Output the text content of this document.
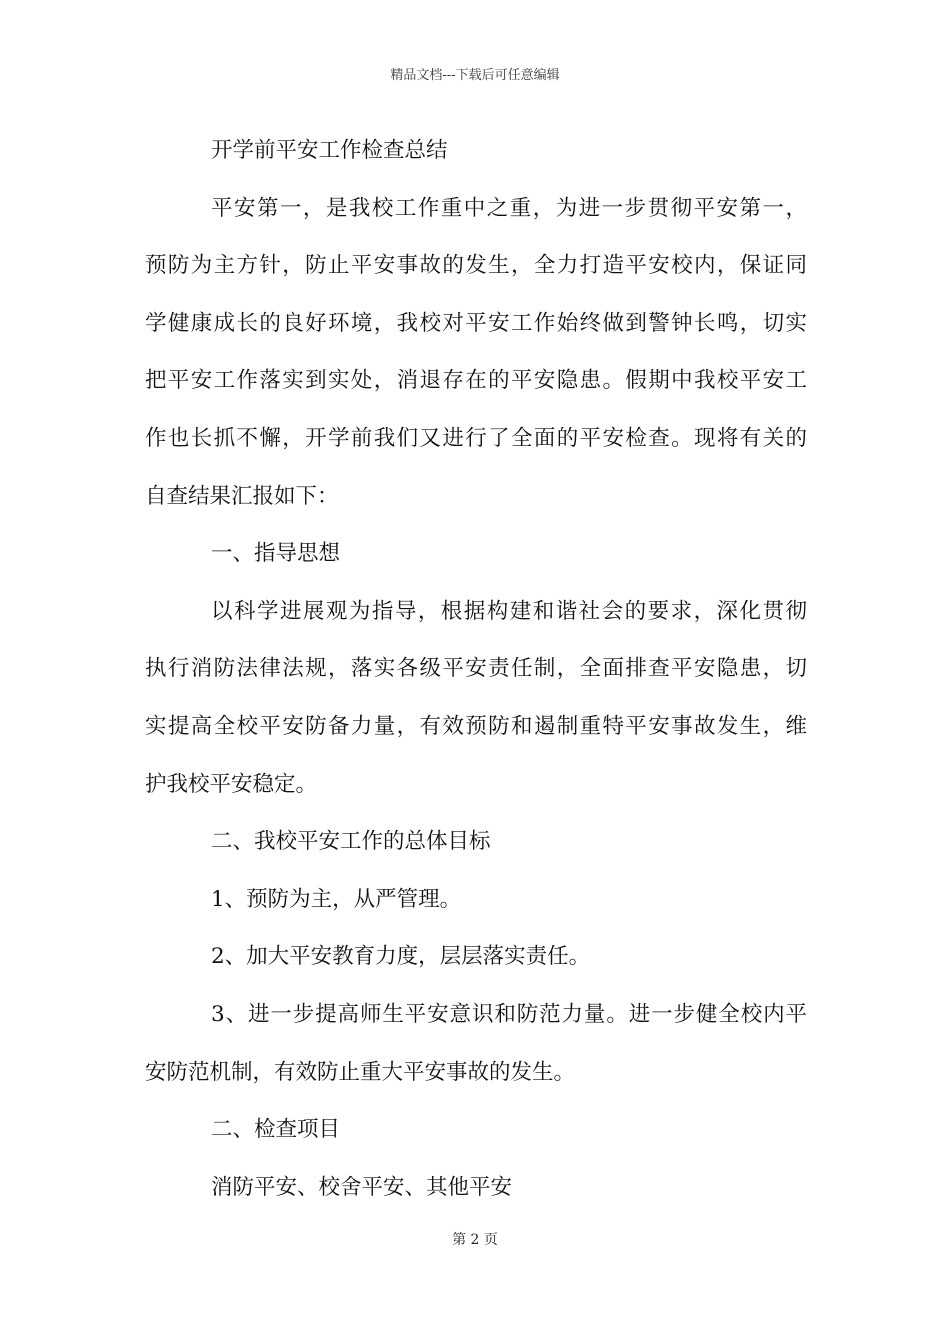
精品文档---下载后可任意编辑
开学前平安工作检查总结
平安第一，是我校工作重中之重，为进一步贯彻平安第一，
预防为主方针，防止平安事故的发生，全力打造平安校内，保证同
学健康成长的良好环境，我校对平安工作始终做到警钟长鸣，切实
把平安工作落实到实处，消退存在的平安隐患。假期中我校平安工
作也长抓不懈，开学前我们又进行了全面的平安检查。现将有关的
自查结果汇报如下：
一、指导思想
以科学进展观为指导，根据构建和谐社会的要求，深化贯彻
执行消防法律法规，落实各级平安责任制，全面排查平安隐患，切
实提高全校平安防备力量，有效预防和遏制重特平安事故发生，维
护我校平安稳定。
二、我校平安工作的总体目标
1、预防为主，从严管理。
2、加大平安教育力度，层层落实责任。
3、进一步提高师生平安意识和防范力量。进一步健全校内平
安防范机制，有效防止重大平安事故的发生。
二、检查项目
消防平安、校舍平安、其他平安
第 2 页
